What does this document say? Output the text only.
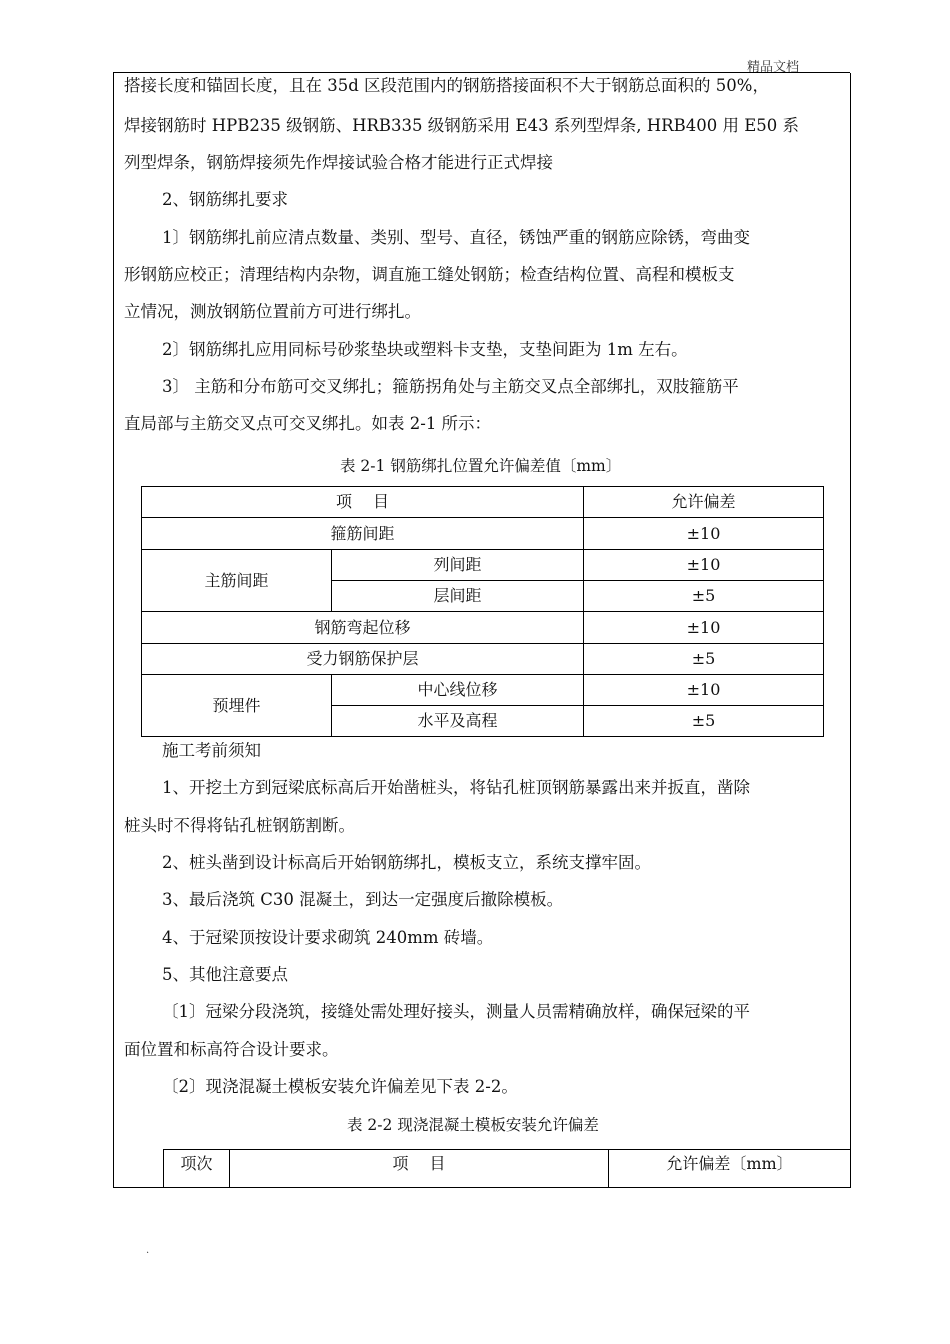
精品文档
搭接长度和锚固长度，且在 35d 区段范围内的钢筋搭接面积不大于钢筋总面积的 50%，
焊接钢筋时 HPB235 级钢筋、HRB335 级钢筋采用 E43 系列型焊条, HRB400 用 E50 系
列型焊条，钢筋焊接须先作焊接试验合格才能进行正式焊接
2、钢筋绑扎要求
1〕钢筋绑扎前应清点数量、类别、型号、直径，锈蚀严重的钢筋应除锈，弯曲变
形钢筋应校正；清理结构内杂物，调直施工缝处钢筋；检查结构位置、高程和模板支
立情况，测放钢筋位置前方可进行绑扎。
2〕钢筋绑扎应用同标号砂浆垫块或塑料卡支垫，支垫间距为 1m 左右。
3〕 主筋和分布筋可交叉绑扎；箍筋拐角处与主筋交叉点全部绑扎，双肢箍筋平
直局部与主筋交叉点可交叉绑扎。如表 2-1 所示：
表 2-1 钢筋绑扎位置允许偏差值〔mm〕
项　 目		允许偏差
箍筋间距		±10
主筋间距	列间距	±10
	层间距	±5
钢筋弯起位移		±10
受力钢筋保护层		±5
预埋件	中心线位移	±10
	水平及高程	±5
施工考前须知
1、开挖土方到冠梁底标高后开始凿桩头，将钻孔桩顶钢筋暴露出来并扳直，凿除
桩头时不得将钻孔桩钢筋割断。
2、桩头凿到设计标高后开始钢筋绑扎，模板支立，系统支撑牢固。
3、最后浇筑 C30 混凝土，到达一定强度后撤除模板。
4、于冠梁顶按设计要求砌筑 240mm 砖墙。
5、其他注意要点
〔1〕冠梁分段浇筑，接缝处需处理好接头，测量人员需精确放样，确保冠梁的平
面位置和标高符合设计要求。
〔2〕现浇混凝土模板安装允许偏差见下表 2-2。
表 2-2 现浇混凝土模板安装允许偏差
项次	项　 目	允许偏差〔mm〕
.
